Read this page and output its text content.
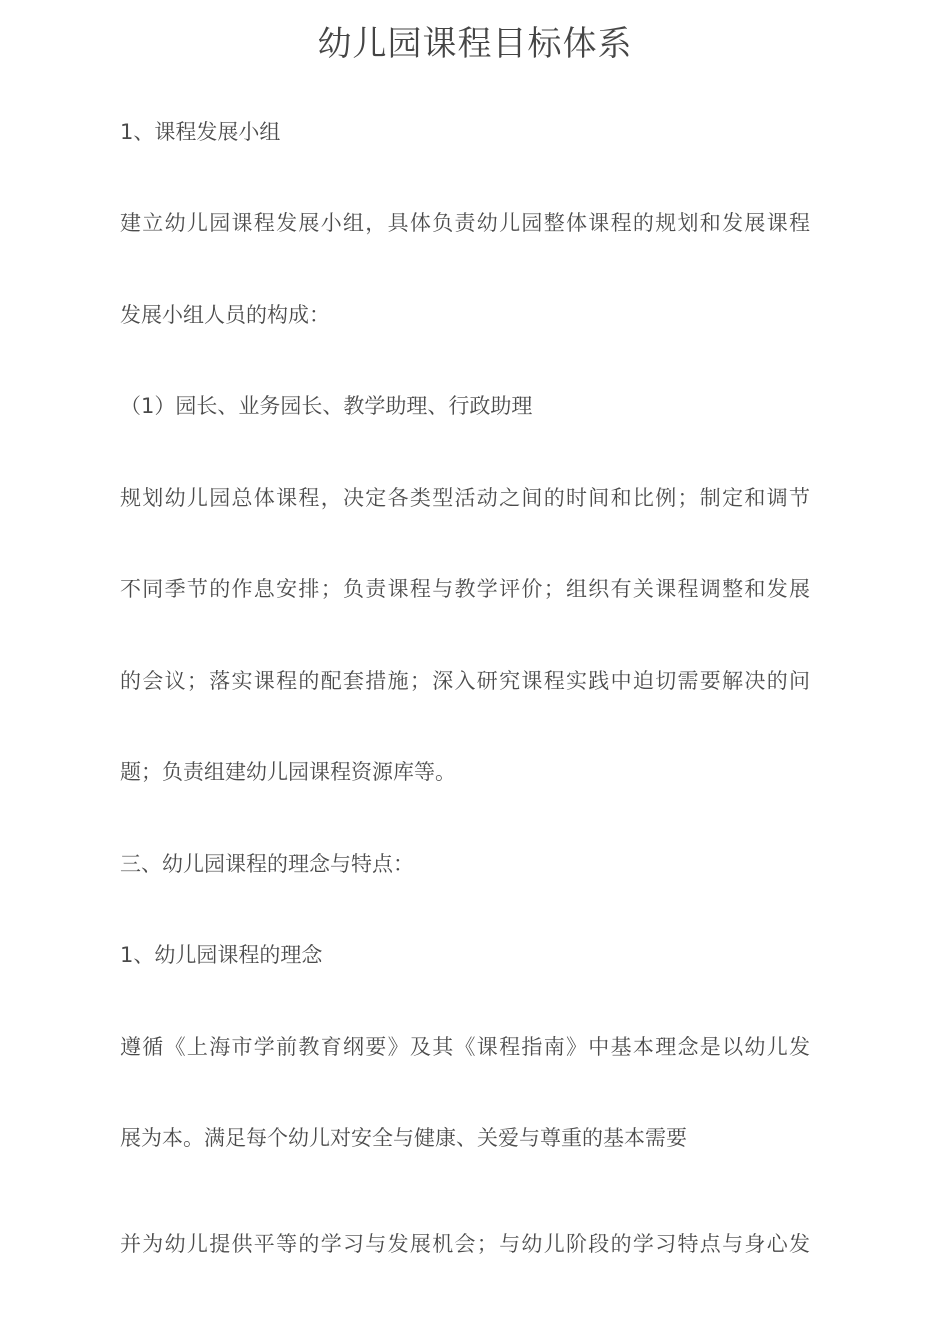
幼儿园课程目标体系
1、课程发展小组
建立幼儿园课程发展小组，具体负责幼儿园整体课程的规划和发展课程
发展小组人员的构成：
（1）园长、业务园长、教学助理、行政助理
规划幼儿园总体课程，决定各类型活动之间的时间和比例；制定和调节
不同季节的作息安排；负责课程与教学评价；组织有关课程调整和发展
的会议；落实课程的配套措施；深入研究课程实践中迫切需要解决的问
题；负责组建幼儿园课程资源库等。
三、幼儿园课程的理念与特点：
1、幼儿园课程的理念
遵循《上海市学前教育纲要》及其《课程指南》中基本理念是以幼儿发
展为本。满足每个幼儿对安全与健康、关爱与尊重的基本需要
并为幼儿提供平等的学习与发展机会；与幼儿阶段的学习特点与身心发
